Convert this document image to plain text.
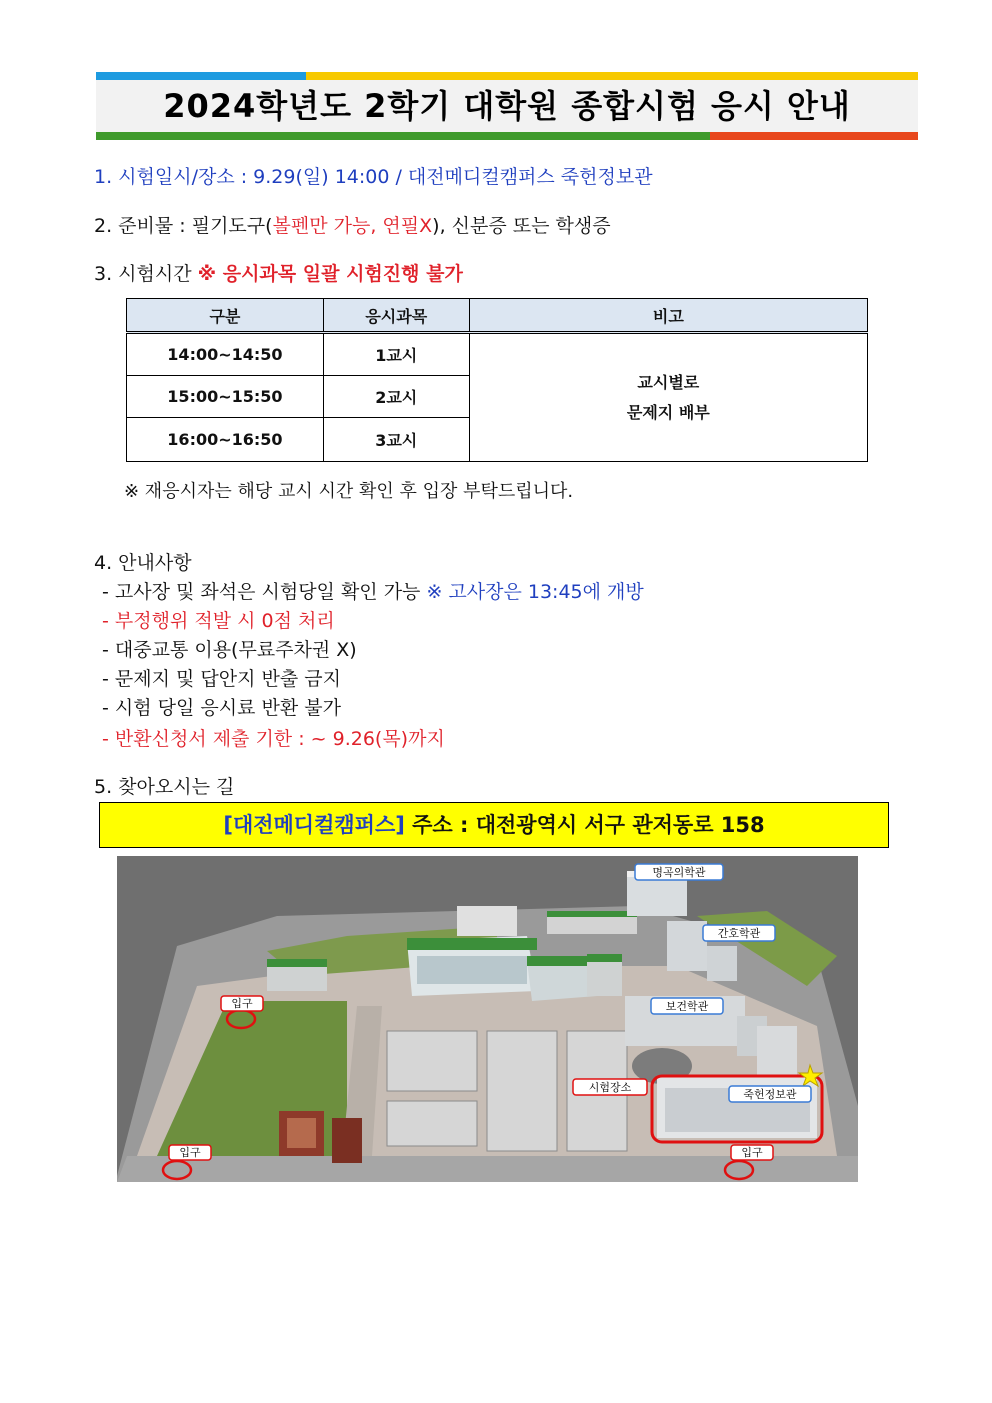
2024학년도 2학기 대학원 종합시험 응시 안내
1. 시험일시/장소 : 9.29(일) 14:00 / 대전메디컬캠퍼스 죽헌정보관
2. 준비물 : 필기도구(볼펜만 가능, 연필X), 신분증 또는 학생증
3. 시험시간 ※ 응시과목 일괄 시험진행 불가
구분	응시과목	비고
14:00~14:50	1교시	교시별로
문제지 배부

15:00~15:50	2교시	
16:00~16:50	3교시	
※ 재응시자는 해당 교시 시간 확인 후 입장 부탁드립니다.
4. 안내사항
- 고사장 및 좌석은 시험당일 확인 가능 ※ 고사장은 13:45에 개방
- 부정행위 적발 시 0점 처리
- 대중교통 이용(무료주차권 X)
- 문제지 및 답안지 반출 금지
- 시험 당일 응시료 반환 불가
- 반환신청서 제출 기한 : ~ 9.26(목)까지
5. 찾아오시는 길
[대전메디컬캠퍼스] 주소 : 대전광역시 서구 관저동로 158
명곡의학관
간호학관
보건학관
시험장소
죽헌정보관
입구
입구	입구
